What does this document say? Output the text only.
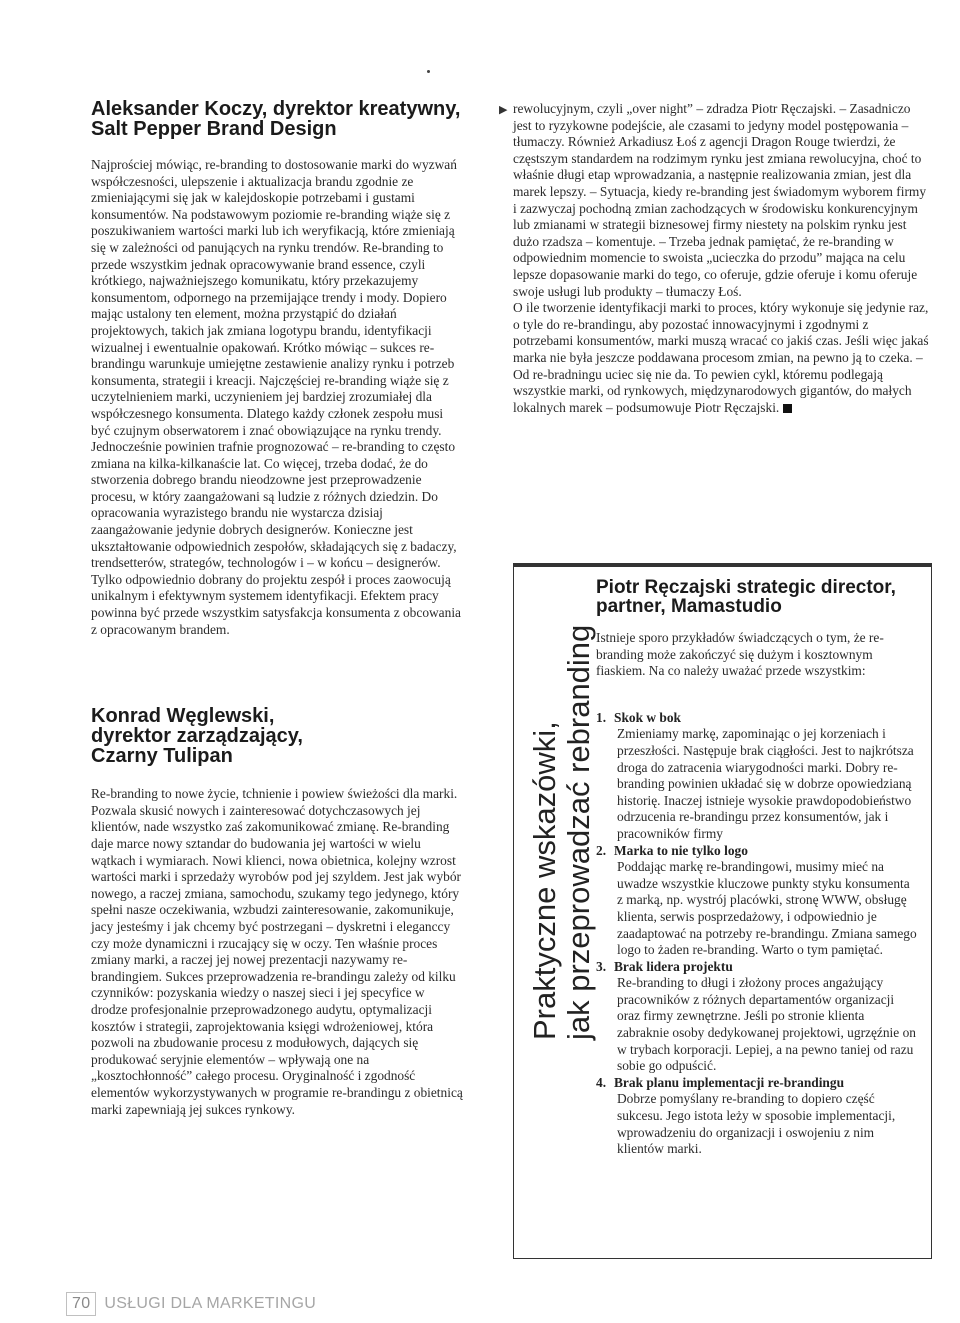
Aleksander Koczy, dyrektor kreatywny, Salt Pepper Brand Design

Najprościej mówiąc, re-branding to dostosowanie marki do wyzwań współczesności, ulepszenie i aktualizacja brandu zgodnie ze zmieniającymi się jak w kalejdoskopie potrzebami i gustami konsumentów. Na podstawowym poziomie re-branding wiąże się z poszukiwaniem wartości marki lub ich weryfikacją, które zmieniają się w zależności od panujących na rynku trendów. Re-branding to przede wszystkim jednak opracowywanie brand essence, czyli krótkiego, najważniejszego komunikatu, który przekazujemy konsumentom, odpornego na przemijające trendy i mody. Dopiero mając ustalony ten element, można przystąpić do działań projektowych, takich jak zmiana logotypu brandu, identyfikacji wizualnej i ewentualnie opakowań. Krótko mówiąc – sukces re-brandingu warunkuje umiejętne zestawienie analizy rynku i potrzeb konsumenta, strategii i kreacji. Najczęściej re-branding wiąże się z uczytelnieniem marki, uczynieniem jej bardziej zrozumiałej dla współczesnego konsumenta. Dlatego każdy członek zespołu musi być czujnym obserwatorem i znać obowiązujące na rynku trendy. Jednocześnie powinien trafnie prognozować – re-branding to często zmiana na kilka-kilkanaście lat. Co więcej, trzeba dodać, że do stworzenia dobrego brandu nieodzowne jest przeprowadzenie procesu, w który zaangażowani są ludzie z różnych dziedzin. Do opracowania wyrazistego brandu nie wystarcza dzisiaj zaangażowanie jedynie dobrych designerów. Konieczne jest ukształtowanie odpowiednich zespołów, składających się z badaczy, trendsetterów, strategów, technologów i – w końcu – designerów. Tylko odpowiednio dobrany do projektu zespół i proces zaowocują unikalnym i efektywnym systemem identyfikacji. Efektem pracy powinna być przede wszystkim satysfakcja konsumenta z obcowania z opracowanym brandem.

Konrad Węglewski, dyrektor zarządzający, Czarny Tulipan

Re-branding to nowe życie, tchnienie i powiew świeżości dla marki. Pozwala skusić nowych i zainteresować dotychczasowych jej klientów, nade wszystko zaś zakomunikować zmianę. Re-branding daje marce nowy sztandar do budowania jej wartości w wielu wątkach i wymiarach. Nowi klienci, nowa obietnica, kolejny wzrost wartości marki i sprzedaży wyrobów pod jej szyldem. Jest jak wybór nowego, a raczej zmiana, samochodu, szukamy tego jedynego, który spełni nasze oczekiwania, wzbudzi zainteresowanie, zakomunikuje, jacy jesteśmy i jak chcemy być postrzegani – dyskretni i eleganccy czy może dynamiczni i rzucający się w oczy. Ten właśnie proces zmiany marki, a raczej jej nowej prezentacji nazywamy re-brandingiem. Sukces przeprowadzenia re-brandingu zależy od kilku czynników: pozyskania wiedzy o naszej sieci i jej specyfice w drodze profesjonalnie przeprowadzonego audytu, optymalizacji kosztów i strategii, zaprojektowania księgi wdrożeniowej, która pozwoli na zbudowanie procesu z modułowych, dających się produkować seryjnie elementów – wpływają one na „kosztochłonność” całego procesu. Oryginalność i zgodność elementów wykorzystywanych w programie re-brandingu z obietnicą marki zapewniają jej sukces rynkowy.

▶ rewolucyjnym, czyli „over night” – zdradza Piotr Ręczajski. – Zasadniczo jest to ryzykowne podejście, ale czasami to jedyny model postępowania – tłumaczy. Również Arkadiusz Łoś z agencji Dragon Rouge twierdzi, że częstszym standardem na rodzimym rynku jest zmiana rewolucyjna, choć to właśnie długi etap wprowadzania, a następnie realizowania zmian, jest dla marek lepszy. – Sytuacja, kiedy re-branding jest świadomym wyborem firmy i zazwyczaj pochodną zmian zachodzących w środowisku konkurencyjnym lub zmianami w strategii biznesowej firmy niestety na polskim rynku jest dużo rzadsza – komentuje. – Trzeba jednak pamiętać, że re-branding w odpowiednim momencie to swoista „ucieczka do przodu” mająca na celu lepsze dopasowanie marki do tego, co oferuje, gdzie oferuje i komu oferuje swoje usługi lub produkty – tłumaczy Łoś.

O ile tworzenie identyfikacji marki to proces, który wykonuje się jedynie raz, o tyle do re-brandingu, aby pozostać innowacyjnymi i zgodnymi z potrzebami konsumentów, marki muszą wracać co jakiś czas. Jeśli więc jakaś marka nie była jeszcze poddawana procesom zmian, na pewno ją to czeka. – Od re-bradningu uciec się nie da. To pewien cykl, któremu podlegają wszystkie marki, od rynkowych, międzynarodowych gigantów, do małych lokalnych marek – podsumowuje Piotr Ręczajski.

Praktyczne wskazówki, jak przeprowadzać rebranding
Piotr Ręczajski strategic director, partner, Mamastudio

Istnieje sporo przykładów świadczących o tym, że re-branding może zakończyć się dużym i kosztownym fiaskiem. Na co należy uważać przede wszystkim:

1. Skok w bok

Zmieniamy markę, zapominając o jej korzeniach i przeszłości. Następuje brak ciągłości. Jest to najkrótsza droga do zatracenia wiarygodności marki. Dobry re-branding powinien układać się w dobrze opowiedzianą historię. Inaczej istnieje wysokie prawdopodobieństwo odrzucenia re-brandingu przez konsumentów, jak i pracowników firmy

2. Marka to nie tylko logo

Poddając markę re-brandingowi, musimy mieć na uwadze wszystkie kluczowe punkty styku konsumenta z marką, np. wystrój placówki, stronę WWW, obsługę klienta, serwis posprzedażowy, i odpowiednio je zaadaptować na potrzeby re-brandingu. Zmiana samego logo to żaden re-branding. Warto o tym pamiętać.

3. Brak lidera projektu

Re-branding to długi i złożony proces angażujący pracowników z różnych departamentów organizacji oraz firmy zewnętrzne. Jeśli po stronie klienta zabraknie osoby dedykowanej projektowi, ugrzęźnie on w trybach korporacji. Lepiej, a na pewno taniej od razu sobie go odpuścić.

4. Brak planu implementacji re-brandingu

Dobrze pomyślany re-branding to dopiero część sukcesu. Jego istota leży w sposobie implementacji, wprowadzeniu do organizacji i oswojeniu z nim klientów marki.

70 USŁUGI DLA MARKETINGU
